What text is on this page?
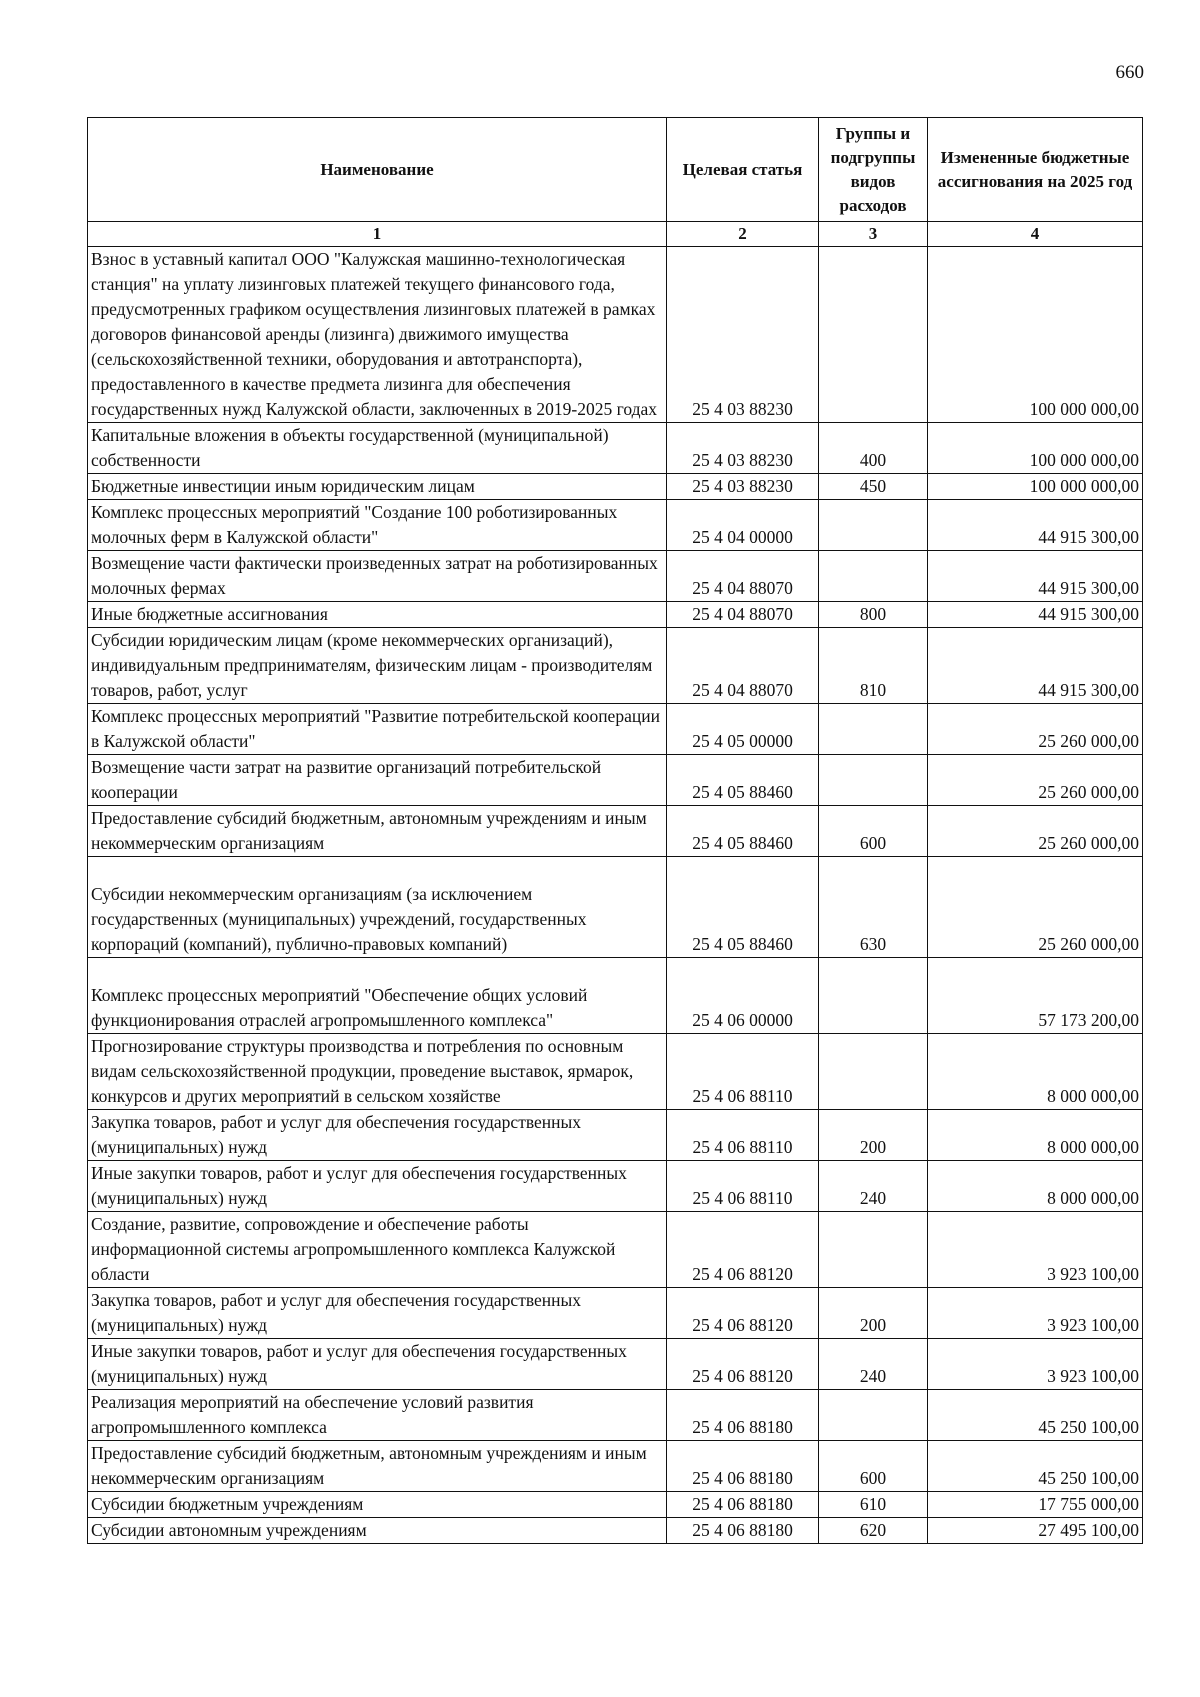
660
Наименование	Целевая статья	Группы и подгруппы видов расходов	Измененные бюджетные ассигнования на 2025 год
1	2	3	4
Взнос в уставный капитал ООО "Калужская машинно-технологическая станция" на уплату лизинговых платежей текущего финансового года, предусмотренных графиком осуществления лизинговых платежей в рамках договоров финансовой аренды (лизинга) движимого имущества (сельскохозяйственной техники, оборудования и автотранспорта), предоставленного в качестве предмета лизинга для обеспечения государственных нужд Калужской области, заключенных в 2019-2025 годах	25 4 03 88230		100 000 000,00
Капитальные вложения в объекты государственной (муниципальной) собственности	25 4 03 88230	400	100 000 000,00
Бюджетные инвестиции иным юридическим лицам	25 4 03 88230	450	100 000 000,00
Комплекс процессных мероприятий "Создание 100 роботизированных молочных ферм в Калужской области"	25 4 04 00000		44 915 300,00
Возмещение части фактически произведенных затрат на роботизированных молочных фермах	25 4 04 88070		44 915 300,00
Иные бюджетные ассигнования	25 4 04 88070	800	44 915 300,00
Субсидии юридическим лицам (кроме некоммерческих организаций), индивидуальным предпринимателям, физическим лицам - производителям товаров, работ, услуг	25 4 04 88070	810	44 915 300,00
Комплекс процессных мероприятий "Развитие потребительской кооперации в Калужской области"	25 4 05 00000		25 260 000,00
Возмещение части затрат на развитие организаций потребительской кооперации	25 4 05 88460		25 260 000,00
Предоставление субсидий бюджетным, автономным учреждениям и иным некоммерческим организациям	25 4 05 88460	600	25 260 000,00

Субсидии некоммерческим организациям (за исключением государственных (муниципальных) учреждений, государственных корпораций (компаний), публично-правовых компаний)	25 4 05 88460	630	25 260 000,00

Комплекс процессных мероприятий "Обеспечение общих условий функционирования отраслей агропромышленного комплекса"	25 4 06 00000		57 173 200,00
Прогнозирование структуры производства и потребления по основным видам сельскохозяйственной продукции, проведение выставок, ярмарок, конкурсов и других мероприятий в сельском хозяйстве	25 4 06 88110		8 000 000,00
Закупка товаров, работ и услуг для обеспечения государственных (муниципальных) нужд	25 4 06 88110	200	8 000 000,00
Иные закупки товаров, работ и услуг для обеспечения государственных (муниципальных) нужд	25 4 06 88110	240	8 000 000,00
Создание, развитие, сопровождение и обеспечение работы информационной системы агропромышленного комплекса Калужской области	25 4 06 88120		3 923 100,00
Закупка товаров, работ и услуг для обеспечения государственных (муниципальных) нужд	25 4 06 88120	200	3 923 100,00
Иные закупки товаров, работ и услуг для обеспечения государственных (муниципальных) нужд	25 4 06 88120	240	3 923 100,00
Реализация мероприятий на обеспечение условий развития агропромышленного комплекса	25 4 06 88180		45 250 100,00
Предоставление субсидий бюджетным, автономным учреждениям и иным некоммерческим организациям	25 4 06 88180	600	45 250 100,00
Субсидии бюджетным учреждениям	25 4 06 88180	610	17 755 000,00
Субсидии автономным учреждениям	25 4 06 88180	620	27 495 100,00
